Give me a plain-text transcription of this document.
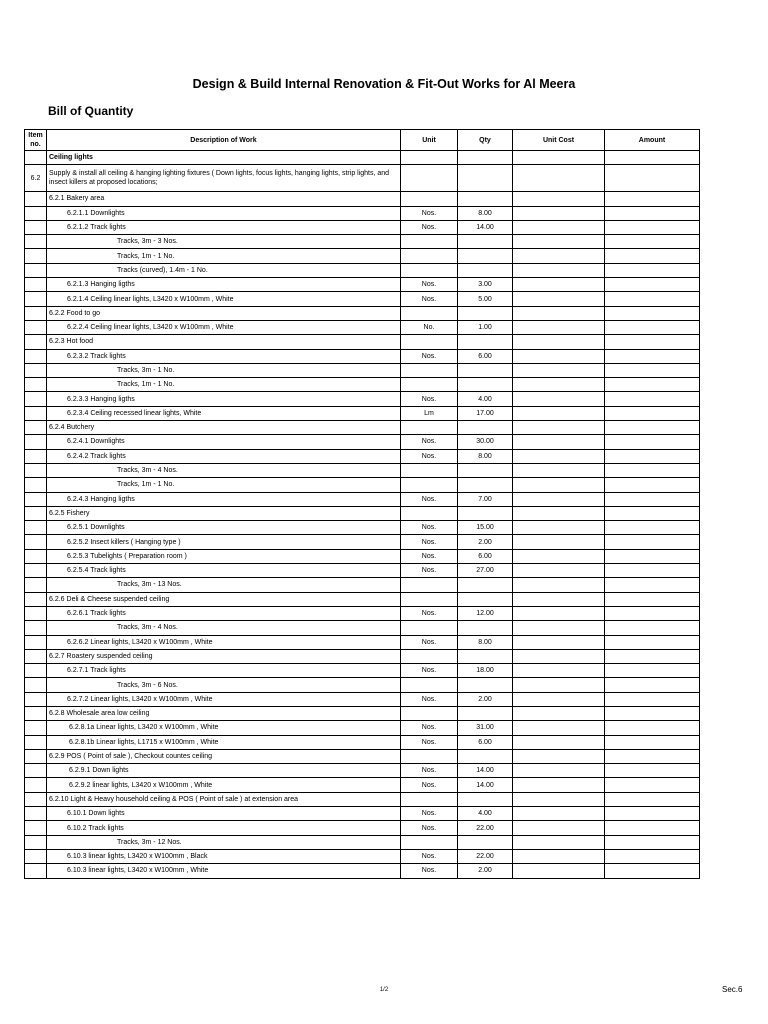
Design & Build Internal Renovation & Fit-Out Works for Al Meera
Bill of Quantity
Item no.	Description of Work	Unit	Qty	Unit Cost	Amount
	Ceiling lights				
6.2	Supply & install all ceiling & hanging lighting fixtures ( Down lights, focus lights, hanging lights, strip lights, and insect killers at proposed locations;				
	6.2.1 Bakery area				
	6.2.1.1 Downlights	Nos.	8.00		
	6.2.1.2 Track lights	Nos.	14.00		
	Tracks, 3m - 3 Nos.				
	Tracks, 1m - 1 No.				
	Tracks (curved), 1.4m - 1 No.				
	6.2.1.3 Hanging ligths	Nos.	3.00		
	6.2.1.4 Ceiling linear lights, L3420 x W100mm , White	Nos.	5.00		
	6.2.2 Food to go				
	6.2.2.4 Ceiling linear lights, L3420 x W100mm , White	No.	1.00		
	6.2.3 Hot food				
	6.2.3.2 Track lights	Nos.	6.00		
	Tracks, 3m - 1 No.				
	Tracks, 1m - 1 No.				
	6.2.3.3 Hanging ligths	Nos.	4.00		
	6.2.3.4 Ceiling recessed linear lights, White	Lm	17.00		
	6.2.4 Butchery				
	6.2.4.1 Downlights	Nos.	30.00		
	6.2.4.2 Track lights	Nos.	8.00		
	Tracks, 3m - 4 Nos.				
	Tracks, 1m - 1 No.				
	6.2.4.3 Hanging ligths	Nos.	7.00		
	6.2.5 Fishery				
	6.2.5.1 Downlights	Nos.	15.00		
	6.2.5.2 Insect killers ( Hanging type )	Nos.	2.00		
	6.2.5.3 Tubelights ( Preparation room )	Nos.	6.00		
	6.2.5.4 Track lights	Nos.	27.00		
	Tracks, 3m - 13 Nos.				
	6.2.6 Deli & Cheese suspended ceiling				
	6.2.6.1 Track lights	Nos.	12.00		
	Tracks, 3m - 4 Nos.				
	6.2.6.2 Linear lights, L3420 x W100mm , White	Nos.	8.00		
	6.2.7 Roastery suspended ceiling				
	6.2.7.1 Track lights	Nos.	18.00		
	Tracks, 3m - 6 Nos.				
	6.2.7.2 Linear lights, L3420 x W100mm , White	Nos.	2.00		
	6.2.8 Wholesale area low ceiling				
	6.2.8.1a Linear lights, L3420 x W100mm , White	Nos.	31.00		
	6.2.8.1b Linear lights, L1715 x W100mm , White	Nos.	6.00		
	6.2.9 POS ( Point of sale ), Checkout countes ceiling				
	6.2.9.1 Down lights	Nos.	14.00		
	6.2.9.2 linear lights, L3420 x W100mm , White	Nos.	14.00		
	6.2.10 Light & Heavy household ceiling & POS ( Point of sale ) at extension area				
	6.10.1 Down lights	Nos.	4.00		
	6.10.2 Track lights	Nos.	22.00		
	Tracks, 3m - 12 Nos.				
	6.10.3 linear lights, L3420 x W100mm , Black	Nos.	22.00		
	6.10.3 linear lights, L3420 x W100mm , White	Nos.	2.00		
1/2	Sec.6
